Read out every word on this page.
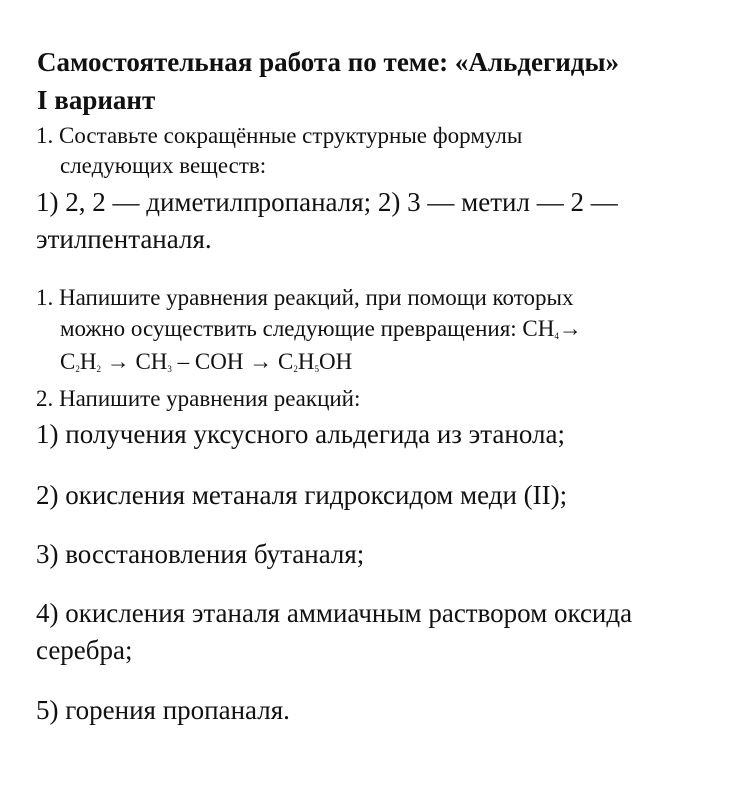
Самостоятельная работа по теме: «Альдегиды»
I вариант
1. Составьте сокращённые структурные формулы
следующих веществ:
1) 2, 2 — диметилпропаналя; 2) 3 — метил — 2 —
этилпентаналя.
1. Напишите уравнения реакций, при помощи которых
можно осуществить следующие превращения: $CH_4\to$
$C_2H_2 \to CH_3$ – COH → $C_2H_5OH$
2. Напишите уравнения реакций:
1) получения уксусного альдегида из этанола;
2) окисления метаналя гидроксидом меди (II);
3) восстановления бутаналя;
4) окисления этаналя аммиачным раствором оксида
серебра;
5) горения пропаналя.
